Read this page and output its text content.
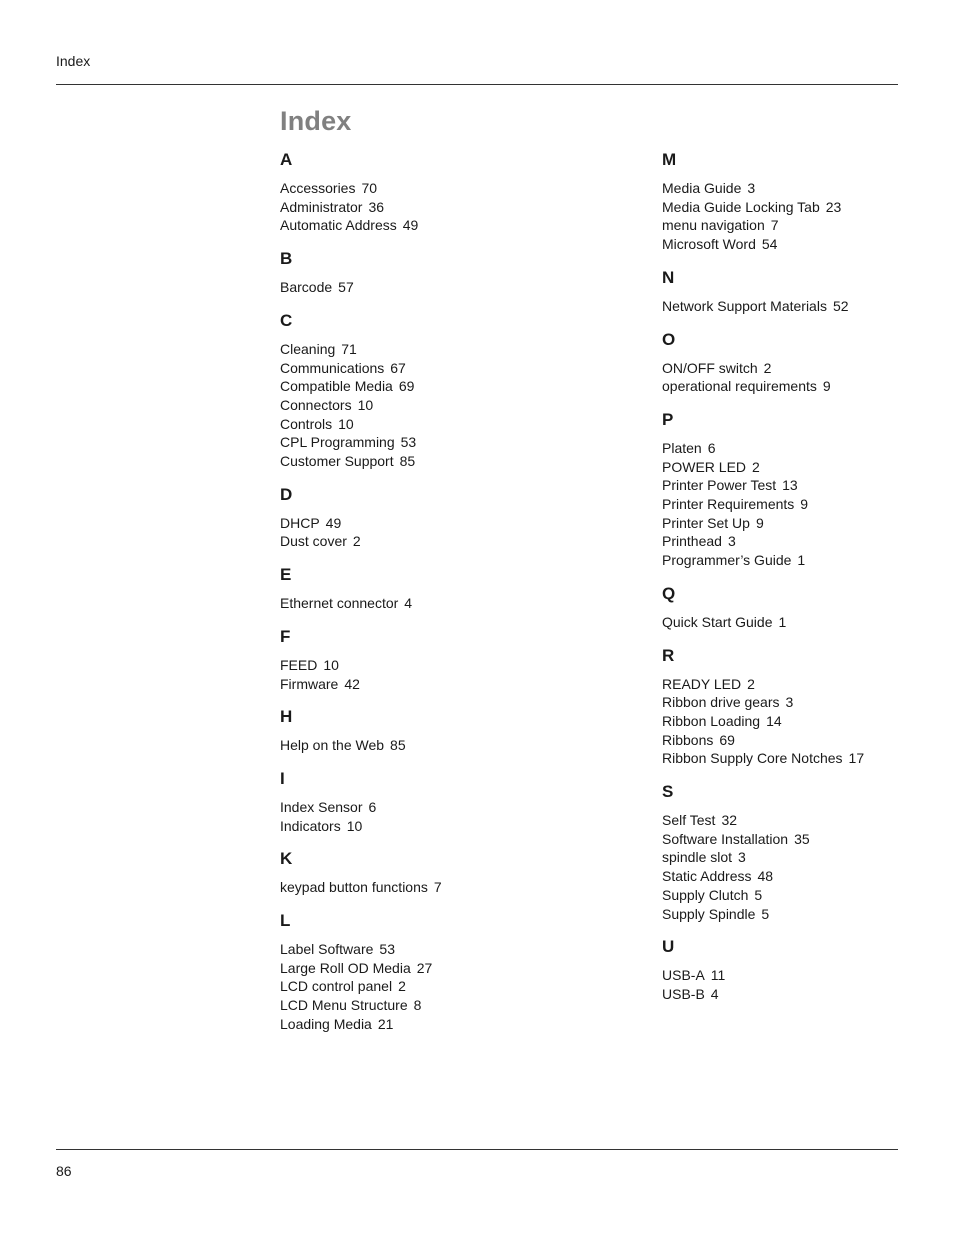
Index
Index
A
Accessories 70
Administrator 36
Automatic Address 49
B
Barcode 57
C
Cleaning 71
Communications 67
Compatible Media 69
Connectors 10
Controls 10
CPL Programming 53
Customer Support 85
D
DHCP 49
Dust cover 2
E
Ethernet connector 4
F
FEED 10
Firmware 42
H
Help on the Web 85
I
Index Sensor 6
Indicators 10
K
keypad button functions 7
L
Label Software 53
Large Roll OD Media 27
LCD control panel 2
LCD Menu Structure 8
Loading Media 21
M
Media Guide 3
Media Guide Locking Tab 23
menu navigation 7
Microsoft Word 54
N
Network Support Materials 52
O
ON/OFF switch 2
operational requirements 9
P
Platen 6
POWER LED 2
Printer Power Test 13
Printer Requirements 9
Printer Set Up 9
Printhead 3
Programmer’s Guide 1
Q
Quick Start Guide 1
R
READY LED 2
Ribbon drive gears 3
Ribbon Loading 14
Ribbons 69
Ribbon Supply Core Notches 17
S
Self Test 32
Software Installation 35
spindle slot 3
Static Address 48
Supply Clutch 5
Supply Spindle 5
U
USB-A 11
USB-B 4
86
